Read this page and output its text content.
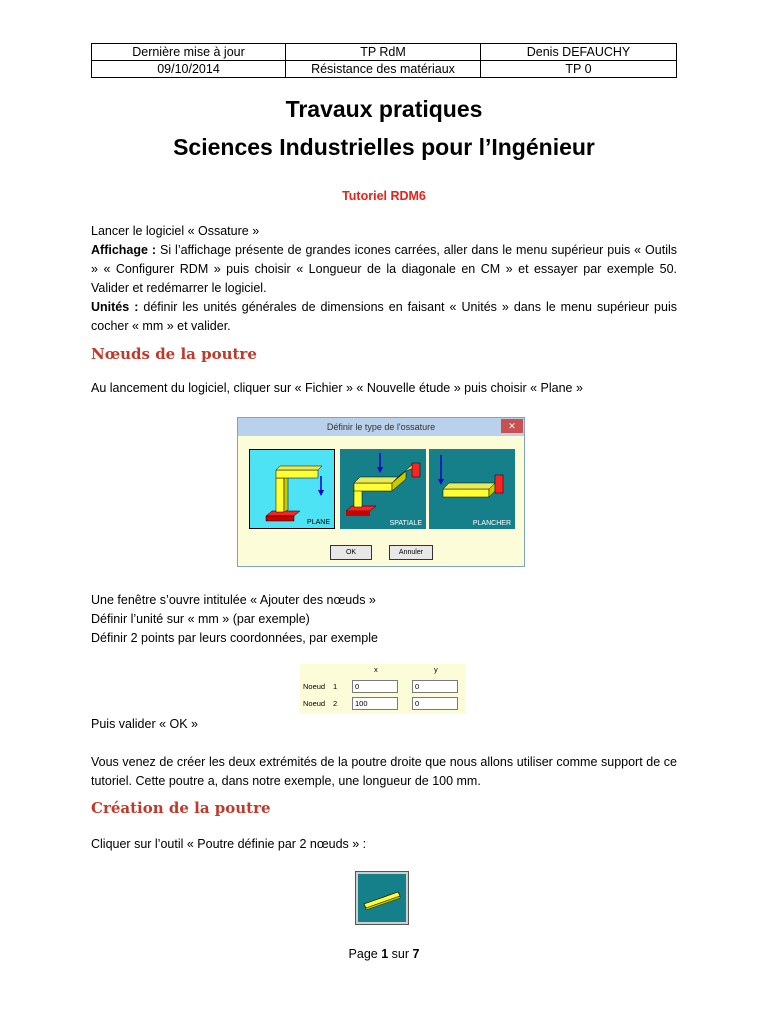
Dernière mise à jour	TP RdM	Denis DEFAUCHY
09/10/2014	Résistance des matériaux	TP 0
Travaux pratiques
Sciences Industrielles pour l’Ingénieur
Tutoriel RDM6
Lancer le logiciel « Ossature »
Affichage : Si l’affichage présente de grandes icones carrées, aller dans le menu supérieur puis « Outils » « Configurer RDM » puis choisir « Longueur de la diagonale en CM » et essayer par exemple 50. Valider et redémarrer le logiciel.
Unités : définir les unités générales de dimensions en faisant « Unités » dans le menu supérieur puis cocher « mm » et valider.
Nœuds de la poutre
Au lancement du logiciel, cliquer sur « Fichier » « Nouvelle étude » puis choisir « Plane »
Définir le type de l'ossature	✕
PLANE	SPATIALE	PLANCHER
OK	Annuler
Une fenêtre s’ouvre intitulée « Ajouter des nœuds »
Définir l’unité sur « mm » (par exemple)
Définir 2 points par leurs coordonnées, par exemple
x	y
Noeud 1	0	0
Noeud 2	100	0
Puis valider « OK »
Vous venez de créer les deux extrémités de la poutre droite que nous allons utiliser comme support de ce tutoriel. Cette poutre a, dans notre exemple, une longueur de 100 mm.
Création de la poutre
Cliquer sur l’outil « Poutre définie par 2 nœuds » :
Page 1 sur 7
